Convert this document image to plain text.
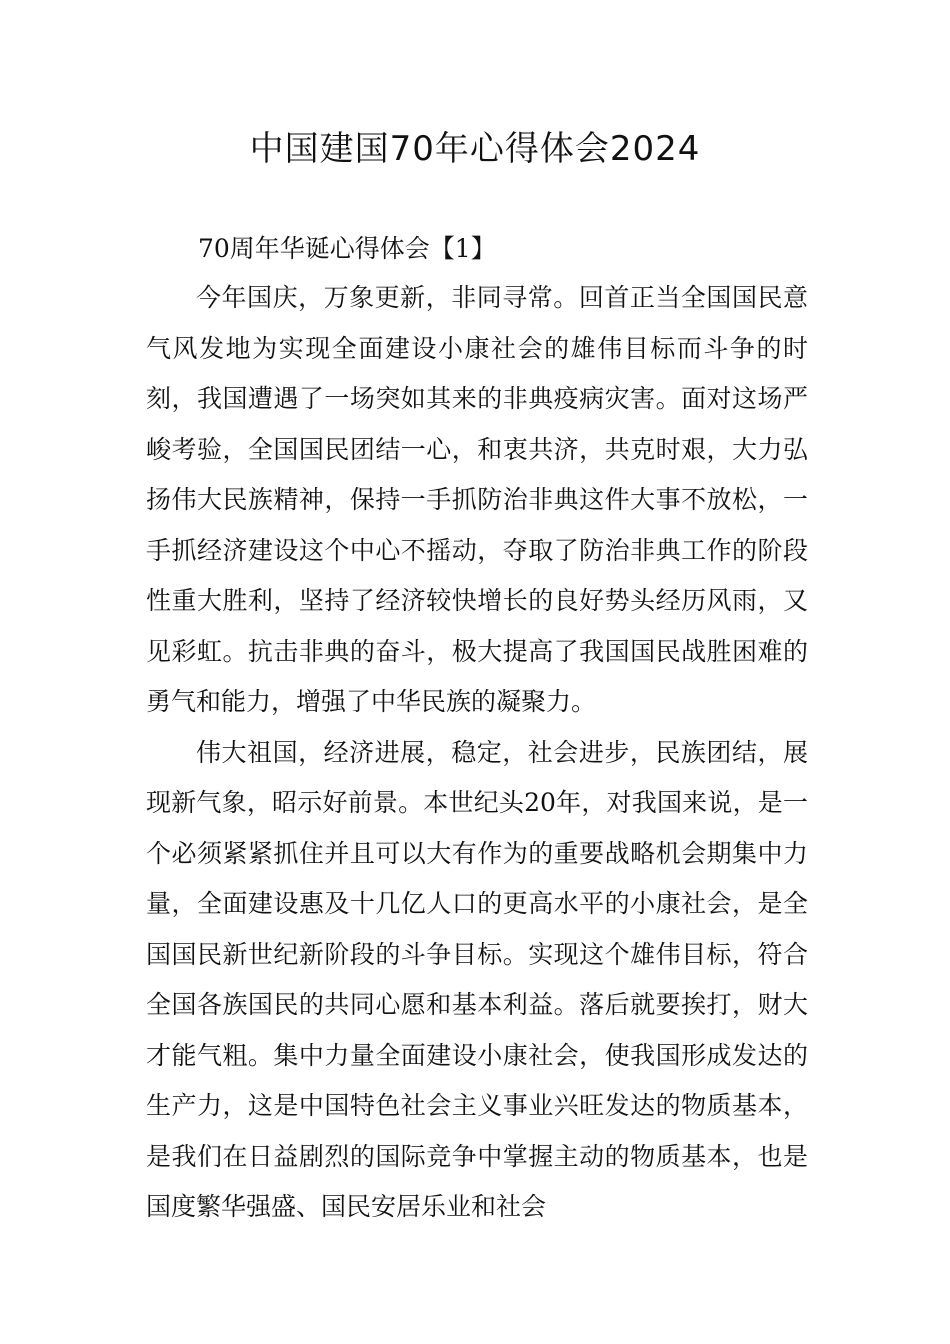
中国建国70年心得体会2024

70周年华诞心得体会【1】

今年国庆，万象更新，非同寻常。回首正当全国国民意气风发地为实现全面建设小康社会的雄伟目标而斗争的时刻，我国遭遇了一场突如其来的非典疫病灾害。面对这场严峻考验，全国国民团结一心，和衷共济，共克时艰，大力弘扬伟大民族精神，保持一手抓防治非典这件大事不放松，一手抓经济建设这个中心不摇动，夺取了防治非典工作的阶段性重大胜利，坚持了经济较快增长的良好势头经历风雨，又见彩虹。抗击非典的奋斗，极大提高了我国国民战胜困难的勇气和能力，增强了中华民族的凝聚力。

伟大祖国，经济进展，稳定，社会进步，民族团结，展现新气象，昭示好前景。本世纪头20年，对我国来说，是一个必须紧紧抓住并且可以大有作为的重要战略机会期集中力量，全面建设惠及十几亿人口的更高水平的小康社会，是全国国民新世纪新阶段的斗争目标。实现这个雄伟目标，符合全国各族国民的共同心愿和基本利益。落后就要挨打，财大才能气粗。集中力量全面建设小康社会，使我国形成发达的生产力，这是中国特色社会主义事业兴旺发达的物质基本，是我们在日益剧烈的国际竞争中掌握主动的物质基本，也是国度繁华强盛、国民安居乐业和社会
